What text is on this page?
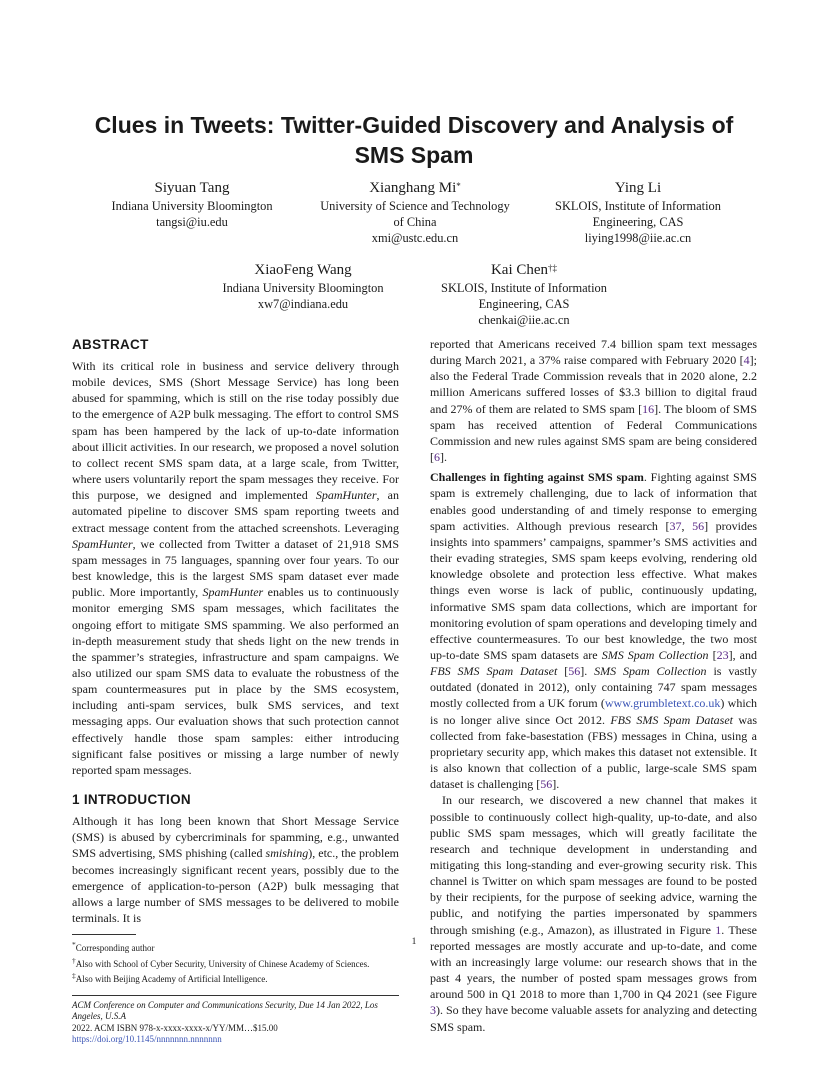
Clues in Tweets: Twitter-Guided Discovery and Analysis of SMS Spam
Siyuan Tang
Indiana University Bloomington
tangsi@iu.edu
Xianghang Mi*
University of Science and Technology
of China
xmi@ustc.edu.cn
Ying Li
SKLOIS, Institute of Information
Engineering, CAS
liying1998@iie.ac.cn
XiaoFeng Wang
Indiana University Bloomington
xw7@indiana.edu
Kai Chen†‡
SKLOIS, Institute of Information
Engineering, CAS
chenkai@iie.ac.cn
ABSTRACT

With its critical role in business and service delivery through mobile devices, SMS (Short Message Service) has long been abused for spamming, which is still on the rise today possibly due to the emergence of A2P bulk messaging. The effort to control SMS spam has been hampered by the lack of up-to-date information about illicit activities. In our research, we proposed a novel solution to collect recent SMS spam data, at a large scale, from Twitter, where users voluntarily report the spam messages they receive. For this purpose, we designed and implemented SpamHunter, an automated pipeline to discover SMS spam reporting tweets and extract message content from the attached screenshots. Leveraging SpamHunter, we collected from Twitter a dataset of 21,918 SMS spam messages in 75 languages, spanning over four years. To our best knowledge, this is the largest SMS spam dataset ever made public. More importantly, SpamHunter enables us to continuously monitor emerging SMS spam messages, which facilitates the ongoing effort to mitigate SMS spamming. We also performed an in-depth measurement study that sheds light on the new trends in the spammer’s strategies, infrastructure and spam campaigns. We also utilized our spam SMS data to evaluate the robustness of the spam countermeasures put in place by the SMS ecosystem, including anti-spam services, bulk SMS services, and text messaging apps. Our evaluation shows that such protection cannot effectively handle those spam samples: either introducing significant false positives or missing a large number of newly reported spam messages.

1 INTRODUCTION

Although it has long been known that Short Message Service (SMS) is abused by cybercriminals for spamming, e.g., unwanted SMS advertising, SMS phishing (called smishing), etc., the problem becomes increasingly significant recent years, possibly due to the emergence of application-to-person (A2P) bulk messaging that allows a large number of SMS messages to be delivered to mobile terminals. It is

*Corresponding author
†Also with School of Cyber Security, University of Chinese Academy of Sciences.
‡Also with Beijing Academy of Artificial Intelligence.
ACM Conference on Computer and Communications Security, Due 14 Jan 2022, Los Angeles, U.S.A
2022. ACM ISBN 978-x-xxxx-xxxx-x/YY/MM…$15.00
https://doi.org/10.1145/nnnnnnn.nnnnnnn

reported that Americans received 7.4 billion spam text messages during March 2021, a 37% raise compared with February 2020 [4]; also the Federal Trade Commission reveals that in 2020 alone, 2.2 million Americans suffered losses of $3.3 billion to digital fraud and 27% of them are related to SMS spam [16]. The bloom of SMS spam has received attention of Federal Communications Commission and new rules against SMS spam are being considered [6].

Challenges in fighting against SMS spam. Fighting against SMS spam is extremely challenging, due to lack of information that enables good understanding of and timely response to emerging spam activities. Although previous research [37, 56] provides insights into spammers’ campaigns, spammer’s SMS activities and their evading strategies, SMS spam keeps evolving, rendering old knowledge obsolete and protection less effective. What makes things even worse is lack of public, continuously updating, informative SMS spam data collections, which are important for monitoring evolution of spam operations and developing timely and effective countermeasures. To our best knowledge, the two most up-to-date SMS spam datasets are SMS Spam Collection [23], and FBS SMS Spam Dataset [56]. SMS Spam Collection is vastly outdated (donated in 2012), only containing 747 spam messages mostly collected from a UK forum (www.grumbletext.co.uk) which is no longer alive since Oct 2012. FBS SMS Spam Dataset was collected from fake-basestation (FBS) messages in China, using a proprietary security app, which makes this dataset not extensible. It is also known that collection of a public, large-scale SMS spam dataset is challenging [56].

In our research, we discovered a new channel that makes it possible to continuously collect high-quality, up-to-date, and also public SMS spam messages, which will greatly facilitate the research and technique development in understanding and mitigating this long-standing and ever-growing security risk. This channel is Twitter on which spam messages are found to be posted by their recipients, for the purpose of seeking advice, warning the public, and notifying the parties impersonated by spammers through smishing (e.g., Amazon), as illustrated in Figure 1. These reported messages are mostly accurate and up-to-date, and come with an increasingly large volume: our research shows that in the past 4 years, the number of posted spam messages grows from around 500 in Q1 2018 to more than 1,700 in Q4 2021 (see Figure 3). So they have become valuable assets for analyzing and detecting SMS spam.

1
